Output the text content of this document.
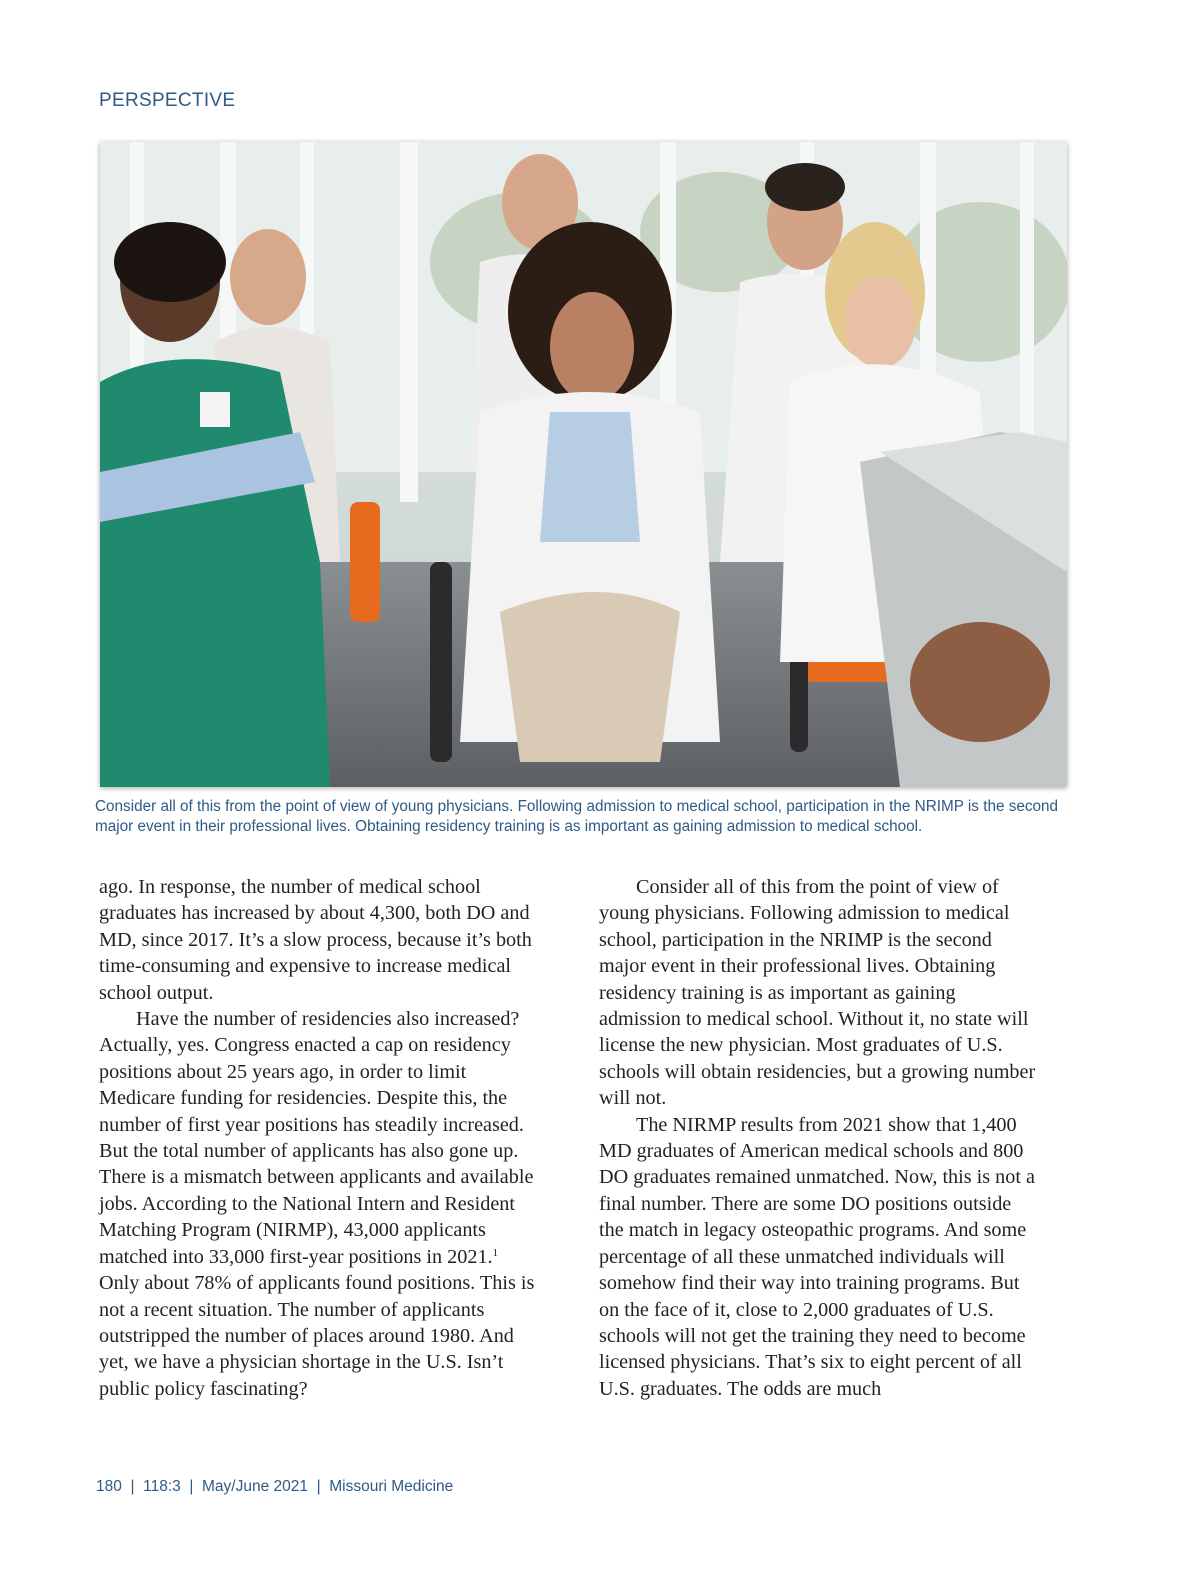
PERSPECTIVE
Consider all of this from the point of view of young physicians. Following admission to medical school, participation in the NRIMP is the second major event in their professional lives. Obtaining residency training is as important as gaining admission to medical school.

ago. In response, the number of medical school graduates has increased by about 4,300, both DO and MD, since 2017. It’s a slow process, because it’s both time-consuming and expensive to increase medical school output.

Have the number of residencies also increased? Actually, yes. Congress enacted a cap on residency positions about 25 years ago, in order to limit Medicare funding for residencies. Despite this, the number of first year positions has steadily increased. But the total number of applicants has also gone up. There is a mismatch between applicants and available jobs. According to the National Intern and Resident Matching Program (NIRMP), 43,000 applicants matched into 33,000 first-year positions in 2021.$^1$ Only about 78% of applicants found positions. This is not a recent situation. The number of applicants outstripped the number of places around 1980. And yet, we have a physician shortage in the U.S. Isn’t public policy fascinating?

Consider all of this from the point of view of young physicians. Following admission to medical school, participation in the NRIMP is the second major event in their professional lives. Obtaining residency training is as important as gaining admission to medical school. Without it, no state will license the new physician. Most graduates of U.S. schools will obtain residencies, but a growing number will not.

The NIRMP results from 2021 show that 1,400 MD graduates of American medical schools and 800 DO graduates remained unmatched. Now, this is not a final number. There are some DO positions outside the match in legacy osteopathic programs. And some percentage of all these unmatched individuals will somehow find their way into training programs. But on the face of it, close to 2,000 graduates of U.S. schools will not get the training they need to become licensed physicians. That’s six to eight percent of all U.S. graduates. The odds are much

180  |  118:3  |  May/June 2021  |  Missouri Medicine
